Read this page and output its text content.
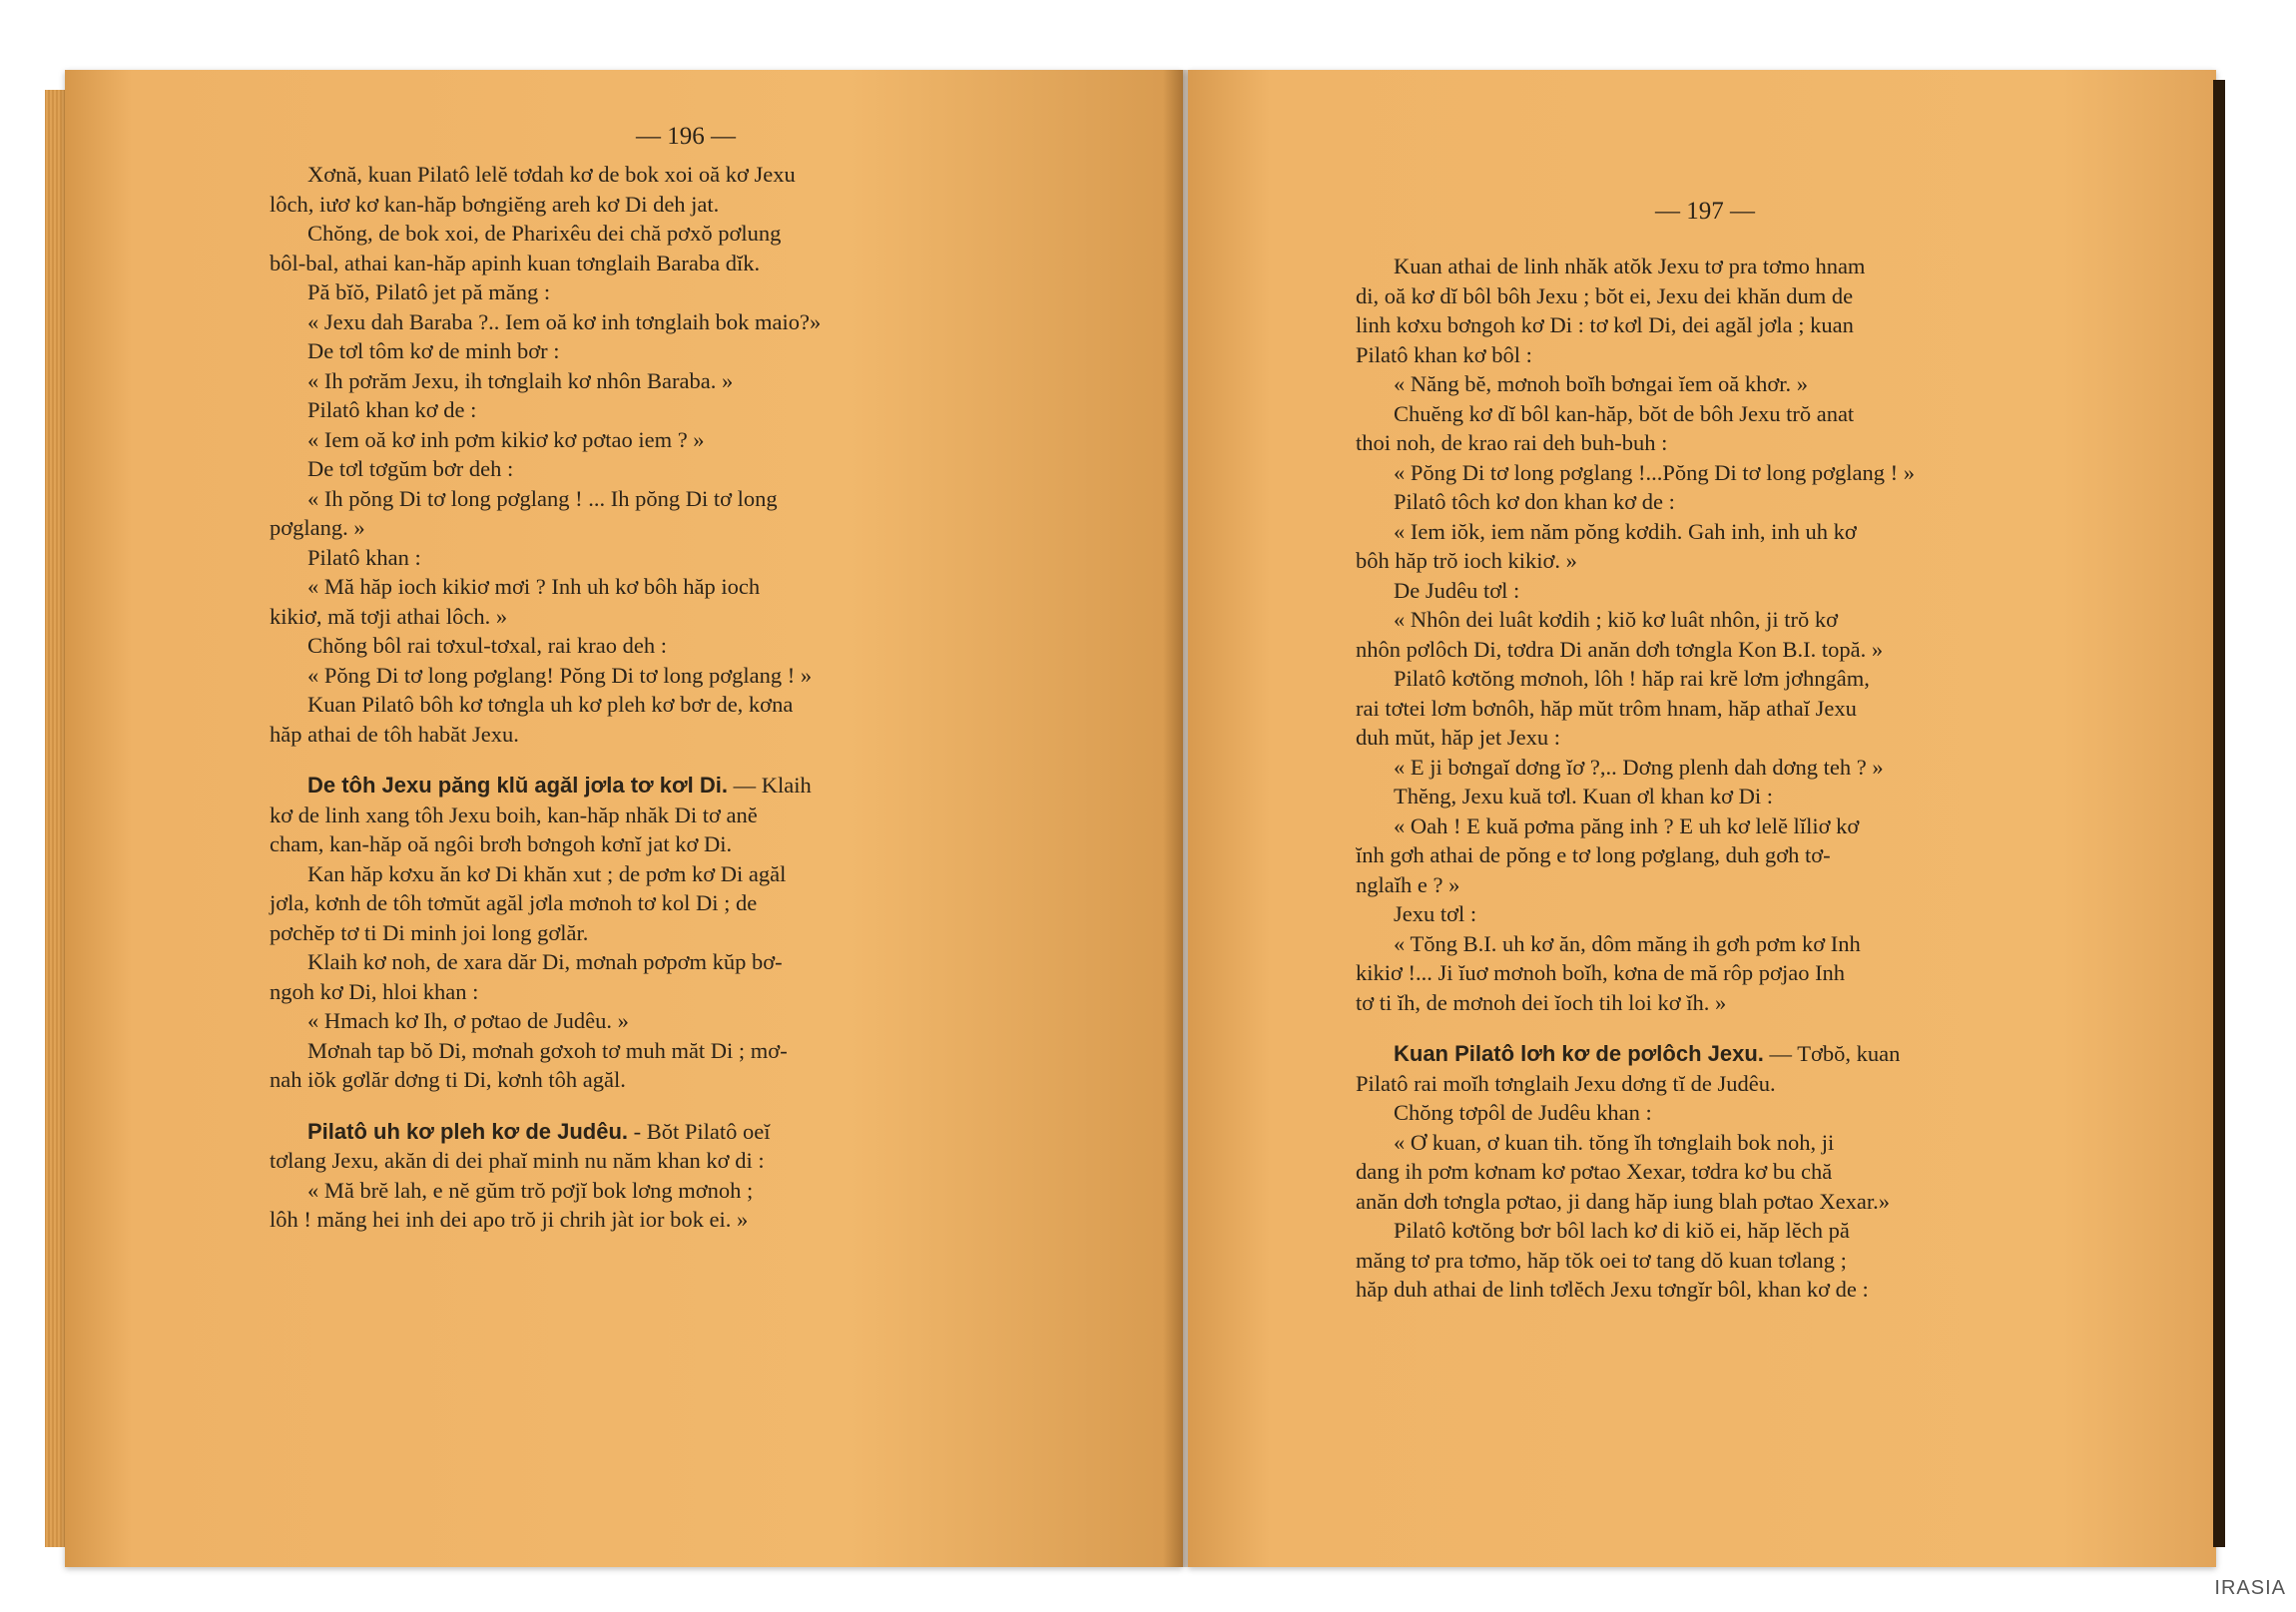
— 196 —

Xơnă, kuan Pilatô lelĕ tơdah kơ de bok xoi oă kơ Jexu

lôch, iươ kơ kan-hăp bơngiĕng areh kơ Di deh jat.

Chŏng, de bok xoi, de Pharixêu dei chă pơxŏ pơlung

bôl-bal, athai kan-hăp apinh kuan tơnglaih Baraba dĭk.

Pă bĭŏ, Pilatô jet pă măng :

« Jexu dah Baraba ?.. Iem oă kơ inh tơnglaih bok maio?»

De tơl tôm kơ de minh bơr :

« Ih pơrăm Jexu, ih tơnglaih kơ nhôn Baraba. »

Pilatô khan kơ de :

« Iem oă kơ inh pơm kikiơ kơ pơtao iem ? »

De tơl tơgŭm bơr deh :

« Ih pŏng Di tơ long pơglang ! ... Ih pŏng Di tơ long

pơglang. »

Pilatô khan :

« Mă hăp ioch kikiơ mơi ? Inh uh kơ bôh hăp ioch

kikiơ, mă tơji athai lôch. »

Chŏng bôl rai tơxul-tơxal, rai krao deh :

« Pŏng Di tơ long pơglang! Pŏng Di tơ long pơglang ! »

Kuan Pilatô bôh kơ tơngla uh kơ pleh kơ bơr de, kơna

hăp athai de tôh habăt Jexu.

De tôh Jexu păng klŭ agăl jơla tơ kơl Di. — Klaih

kơ de linh xang tôh Jexu boih, kan-hăp nhăk Di tơ anĕ

cham, kan-hăp oă ngôi brơh bơngoh kơnĭ jat kơ Di.

Kan hăp kơxu ăn kơ Di khăn xut ; de pơm kơ Di agăl

jơla, kơnh de tôh tơmŭt agăl jơla mơnoh tơ kol Di ; de

pơchĕp tơ ti Di minh joi long gơlăr.

Klaih kơ noh, de xara dăr Di, mơnah pơpơm kŭp bơ-

ngoh kơ Di, hloi khan :

« Hmach kơ Ih, ơ pơtao de Judêu. »

Mơnah tap bŏ Di, mơnah gơxoh tơ muh măt Di ; mơ-

nah iŏk gơlăr dơng ti Di, kơnh tôh agăl.

Pilatô uh kơ pleh kơ de Judêu. - Bŏt Pilatô oeĭ

tơlang Jexu, akăn di dei phaĭ minh nu năm khan kơ di :

« Mă brĕ lah, e nĕ gŭm trŏ pơjĭ bok lơng mơnoh ;

lôh ! măng hei inh dei apo trŏ ji chrih jàt ior bok ei. »

— 197 —

Kuan athai de linh nhăk atŏk Jexu tơ pra tơmo hnam

di, oă kơ dĭ bôl bôh Jexu ; bŏt ei, Jexu dei khăn dum de

linh kơxu bơngoh kơ Di : tơ kơl Di, dei agăl jơla ; kuan

Pilatô khan kơ bôl :

« Năng bĕ, mơnoh boĭh bơngai ĭem oă khơr. »

Chuĕng kơ dĭ bôl kan-hăp, bŏt de bôh Jexu trŏ anat

thoi noh, de krao rai deh buh-buh :

« Pŏng Di tơ long pơglang !...Pŏng Di tơ long pơglang ! »

Pilatô tôch kơ don khan kơ de :

« Iem iŏk, iem năm pŏng kơdih. Gah inh, inh uh kơ

bôh hăp trŏ ioch kikiơ. »

De Judêu tơl :

« Nhôn dei luât kơdih ; kiŏ kơ luât nhôn, ji trŏ kơ

nhôn pơlôch Di, tơdra Di anăn dơh tơngla Kon B.I. topă. »

Pilatô kơtŏng mơnoh, lôh ! hăp rai krĕ lơm jơhngâm,

rai tơtei lơm bơnôh, hăp mŭt trôm hnam, hăp athaĭ Jexu

duh mŭt, hăp jet Jexu :

« E ji bơngaĭ dơng ĭơ ?,.. Dơng plenh dah dơng teh ? »

Thĕng, Jexu kuă tơl. Kuan ơl khan kơ Di :

« Oah ! E kuă pơma păng inh ? E uh kơ lelĕ lĭliơ kơ

ĭnh gơh athai de pŏng e tơ long pơglang, duh gơh tơ-

nglaĭh e ? »

Jexu tơl :

« Tŏng B.I. uh kơ ăn, dôm măng ih gơh pơm kơ Inh

kikiơ !... Ji ĭuơ mơnoh boĭh, kơna de mă rôp pơjao Inh

tơ ti ĭh, de mơnoh dei ĭoch tih loi kơ ĭh. »

Kuan Pilatô lơh kơ de pơlôch Jexu. — Tơbŏ, kuan

Pilatô rai moĭh tơnglaih Jexu dơng tĭ de Judêu.

Chŏng tơpôl de Judêu khan :

« Ơ kuan, ơ kuan tih. tŏng ĭh tơnglaih bok noh, ji

dang ih pơm kơnam kơ pơtao Xexar, tơdra kơ bu chă

anăn dơh tơngla pơtao, ji dang hăp iung blah pơtao Xexar.»

Pilatô kơtŏng bơr bôl lach kơ di kiŏ ei, hăp lĕch pă

măng tơ pra tơmo, hăp tŏk oei tơ tang dŏ kuan tơlang ;

hăp duh athai de linh tơlĕch Jexu tơngĭr bôl, khan kơ de :

IRASIA
